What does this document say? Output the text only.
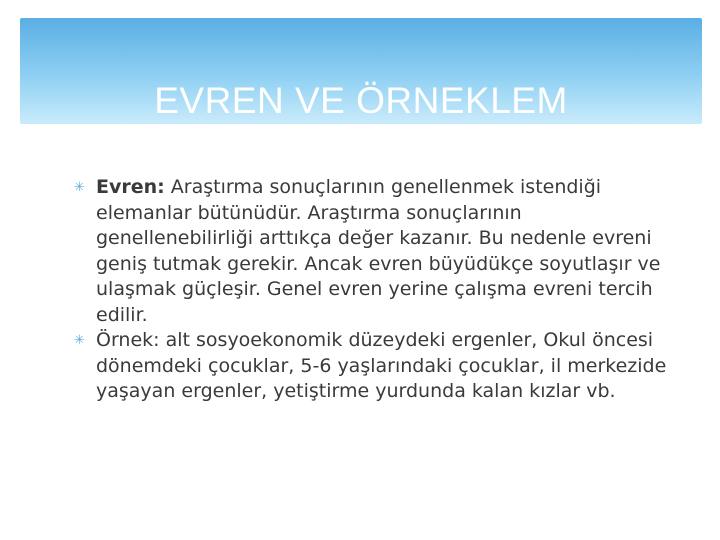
EVREN VE ÖRNEKLEM

✳ Evren: Araştırma sonuçlarının genellenmek istendiği elemanlar bütünüdür. Araştırma sonuçlarının genellenebilirliği arttıkça değer kazanır. Bu nedenle evreni geniş tutmak gerekir. Ancak evren büyüdükçe soyutlaşır ve ulaşmak güçleşir. Genel evren yerine çalışma evreni tercih edilir.

✳ Örnek: alt sosyoekonomik düzeydeki ergenler, Okul öncesi dönemdeki çocuklar, 5-6 yaşlarındaki çocuklar, il merkezide yaşayan ergenler, yetiştirme yurdunda kalan kızlar vb.
